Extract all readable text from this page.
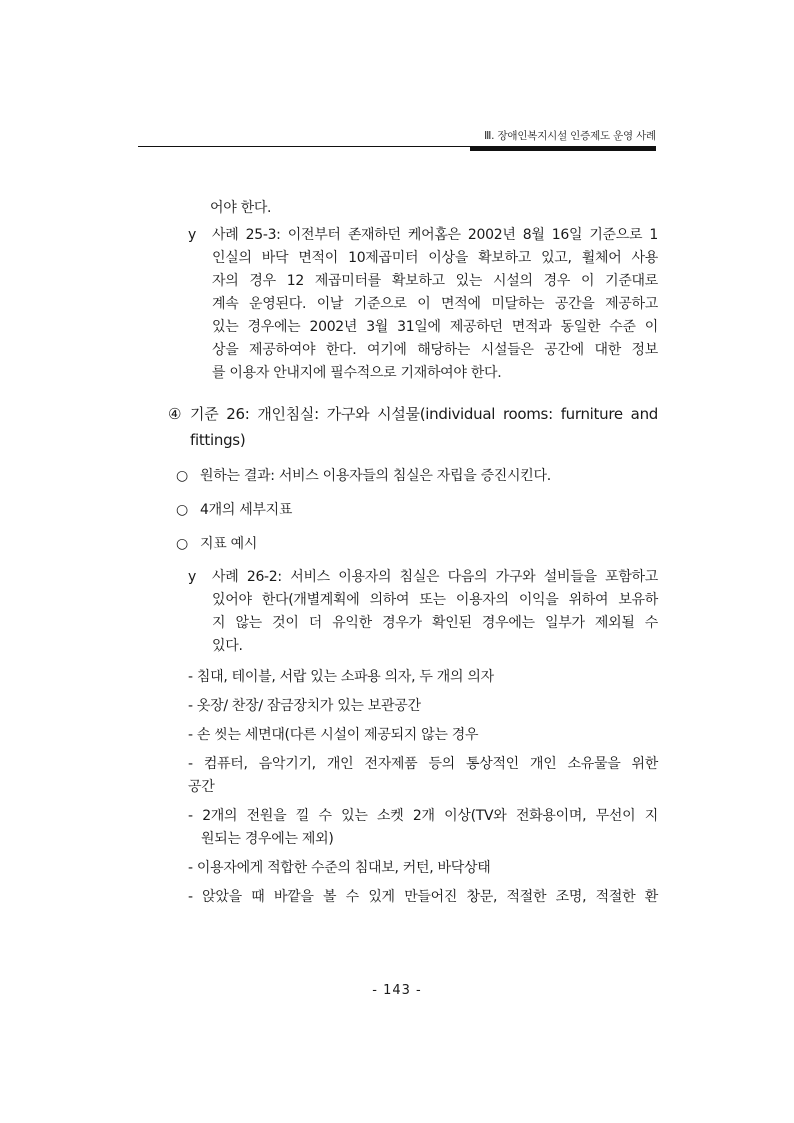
Ⅲ. 장애인복지시설 인증제도 운영 사례
어야 한다.
y 사례 25-3: 이전부터 존재하던 케어홈은 2002년 8월 16일 기준으로 1
인실의 바닥 면적이 10제곱미터 이상을 확보하고 있고, 휠체어 사용
자의 경우 12 제곱미터를 확보하고 있는 시설의 경우 이 기준대로
계속 운영된다. 이날 기준으로 이 면적에 미달하는 공간을 제공하고
있는 경우에는 2002년 3월 31일에 제공하던 면적과 동일한 수준 이
상을 제공하여야 한다. 여기에 해당하는 시설들은 공간에 대한 정보
를 이용자 안내지에 필수적으로 기재하여야 한다.
④ 기준 26: 개인침실: 가구와 시설물(individual rooms: furniture and
fittings)
○ 원하는 결과: 서비스 이용자들의 침실은 자립을 증진시킨다.
○ 4개의 세부지표
○ 지표 예시
y 사례 26-2: 서비스 이용자의 침실은 다음의 가구와 설비들을 포함하고
있어야 한다(개별계획에 의하여 또는 이용자의 이익을 위하여 보유하
지 않는 것이 더 유익한 경우가 확인된 경우에는 일부가 제외될 수
있다.
- 침대, 테이블, 서랍 있는 소파용 의자, 두 개의 의자
- 옷장/ 찬장/ 잠금장치가 있는 보관공간
- 손 씻는 세면대(다른 시설이 제공되지 않는 경우
- 컴퓨터, 음악기기, 개인 전자제품 등의 통상적인 개인 소유물을 위한
공간
- 2개의 전원을 낄 수 있는 소켓 2개 이상(TV와 전화용이며, 무선이 지
원되는 경우에는 제외)
- 이용자에게 적합한 수준의 침대보, 커턴, 바닥상태
- 앉았을 때 바깥을 볼 수 있게 만들어진 창문, 적절한 조명, 적절한 환
- 143 -
